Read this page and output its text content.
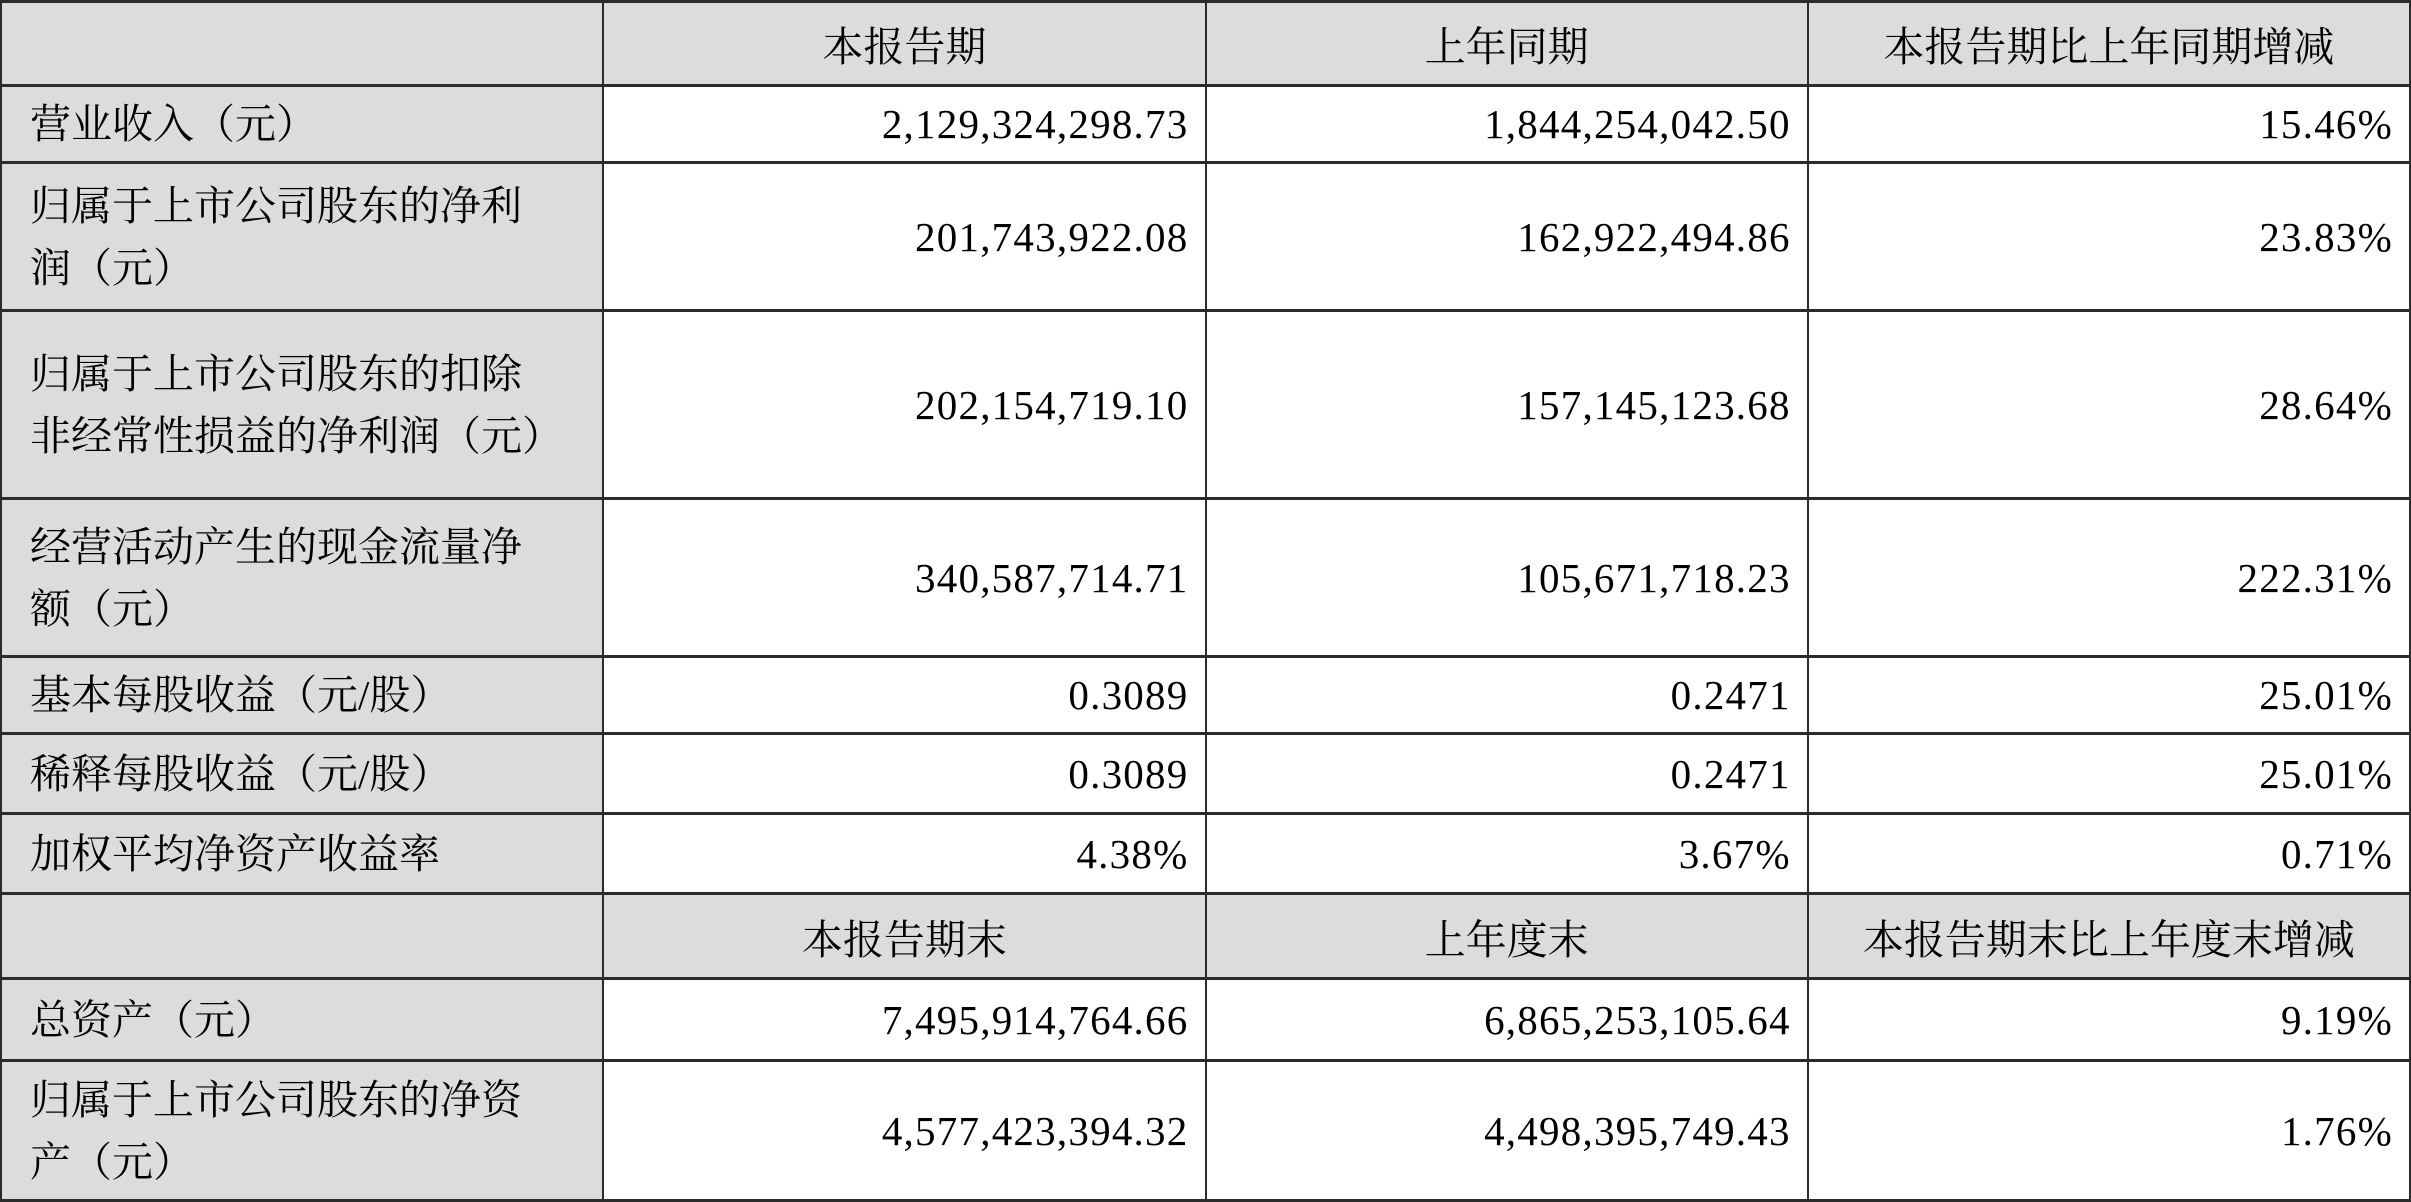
	本报告期	上年同期	本报告期比上年同期增减
营业收入（元）	2,129,324,298.73	1,844,254,042.50	15.46%
归属于上市公司股东的净利润（元）	201,743,922.08	162,922,494.86	23.83%
归属于上市公司股东的扣除非经常性损益的净利润（元）	202,154,719.10	157,145,123.68	28.64%
经营活动产生的现金流量净额（元）	340,587,714.71	105,671,718.23	222.31%
基本每股收益（元/股）	0.3089	0.2471	25.01%
稀释每股收益（元/股）	0.3089	0.2471	25.01%
加权平均净资产收益率	4.38%	3.67%	0.71%
	本报告期末	上年度末	本报告期末比上年度末增减
总资产（元）	7,495,914,764.66	6,865,253,105.64	9.19%
归属于上市公司股东的净资产（元）	4,577,423,394.32	4,498,395,749.43	1.76%
